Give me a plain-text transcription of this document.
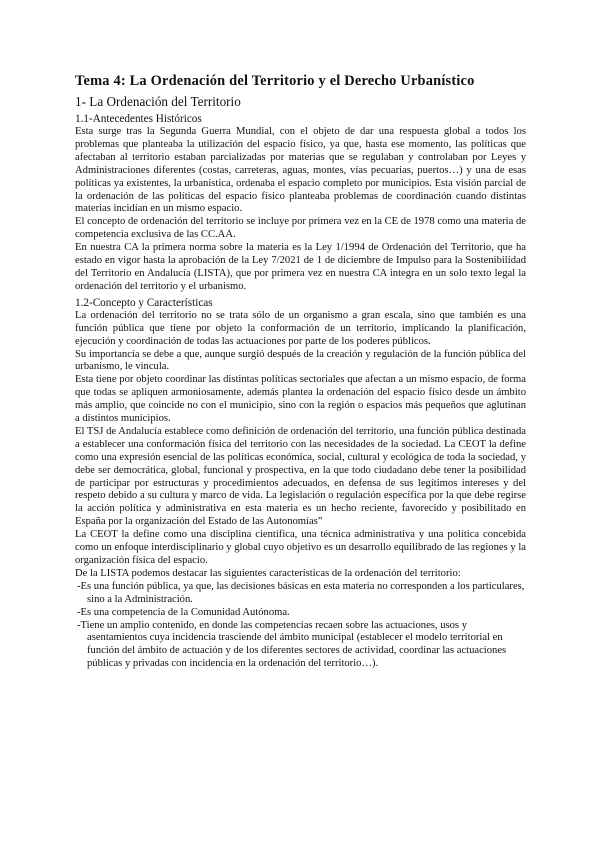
Tema 4: La Ordenación del Territorio y el Derecho Urbanístico
1- La Ordenación del Territorio
1.1-Antecedentes Históricos

Esta surge tras la Segunda Guerra Mundial, con el objeto de dar una respuesta global a todos los problemas que planteaba la utilización del espacio físico, ya que, hasta ese momento, las políticas que afectaban al territorio estaban parcializadas por materias que se regulaban y controlaban por Leyes y Administraciones diferentes (costas, carreteras, aguas, montes, vías pecuarias, puertos…) y una de esas políticas ya existentes, la urbanística, ordenaba el espacio completo por municipios. Esta visión parcial de la ordenación de las políticas del espacio físico planteaba problemas de coordinación cuando distintas materias incidían en un mismo espacio.

El concepto de ordenación del territorio se incluye por primera vez en la CE de 1978 como una materia de competencia exclusiva de las CC.AA.

En nuestra CA la primera norma sobre la materia es la Ley 1/1994 de Ordenación del Territorio, que ha estado en vigor hasta la aprobación de la Ley 7/2021 de 1 de diciembre de Impulso para la Sostenibilidad del Territorio en Andalucía (LISTA), que por primera vez en nuestra CA integra en un solo texto legal la ordenación del territorio y el urbanismo.

1.2-Concepto y Características

La ordenación del territorio no se trata sólo de un organismo a gran escala, sino que también es una función pública que tiene por objeto la conformación de un territorio, implicando la planificación, ejecución y coordinación de todas las actuaciones por parte de los poderes públicos.

Su importancia se debe a que, aunque surgió después de la creación y regulación de la función pública del urbanismo, le vincula.

Esta tiene por objeto coordinar las distintas políticas sectoriales que afectan a un mismo espacio, de forma que todas se apliquen armoniosamente, además plantea la ordenación del espacio físico desde un ámbito más amplio, que coincide no con el municipio, sino con la región o espacios más pequeños que aglutinan a distintos municipios.

El TSJ de Andalucía establece como definición de ordenación del territorio, una función pública destinada a establecer una conformación física del territorio con las necesidades de la sociedad. La CEOT la define como una expresión esencial de las políticas económica, social, cultural y ecológica de toda la sociedad, y debe ser democrática, global, funcional y prospectiva, en la que todo ciudadano debe tener la posibilidad de participar por estructuras y procedimientos adecuados, en defensa de sus legítimos intereses y del respeto debido a su cultura y marco de vida. La legislación o regulación específica por la que debe regirse la acción política y administrativa en esta materia es un hecho reciente, favorecido y posibilitado en España por la organización del Estado de las Autonomías”

La CEOT la define como una disciplina científica, una técnica administrativa y una política concebida como un enfoque interdisciplinario y global cuyo objetivo es un desarrollo equilibrado de las regiones y la organización física del espacio.

De la LISTA podemos destacar las siguientes características de la ordenación del territorio:

-Es una función pública, ya que, las decisiones básicas en esta materia no corresponden a los particulares, sino a la Administración.
-Es una competencia de la Comunidad Autónoma.
-Tiene un amplio contenido, en donde las competencias recaen sobre las actuaciones, usos y asentamientos cuya incidencia trasciende del ámbito municipal (establecer el modelo territorial en función del ámbito de actuación y de los diferentes sectores de actividad, coordinar las actuaciones públicas y privadas con incidencia en la ordenación del territorio…).
